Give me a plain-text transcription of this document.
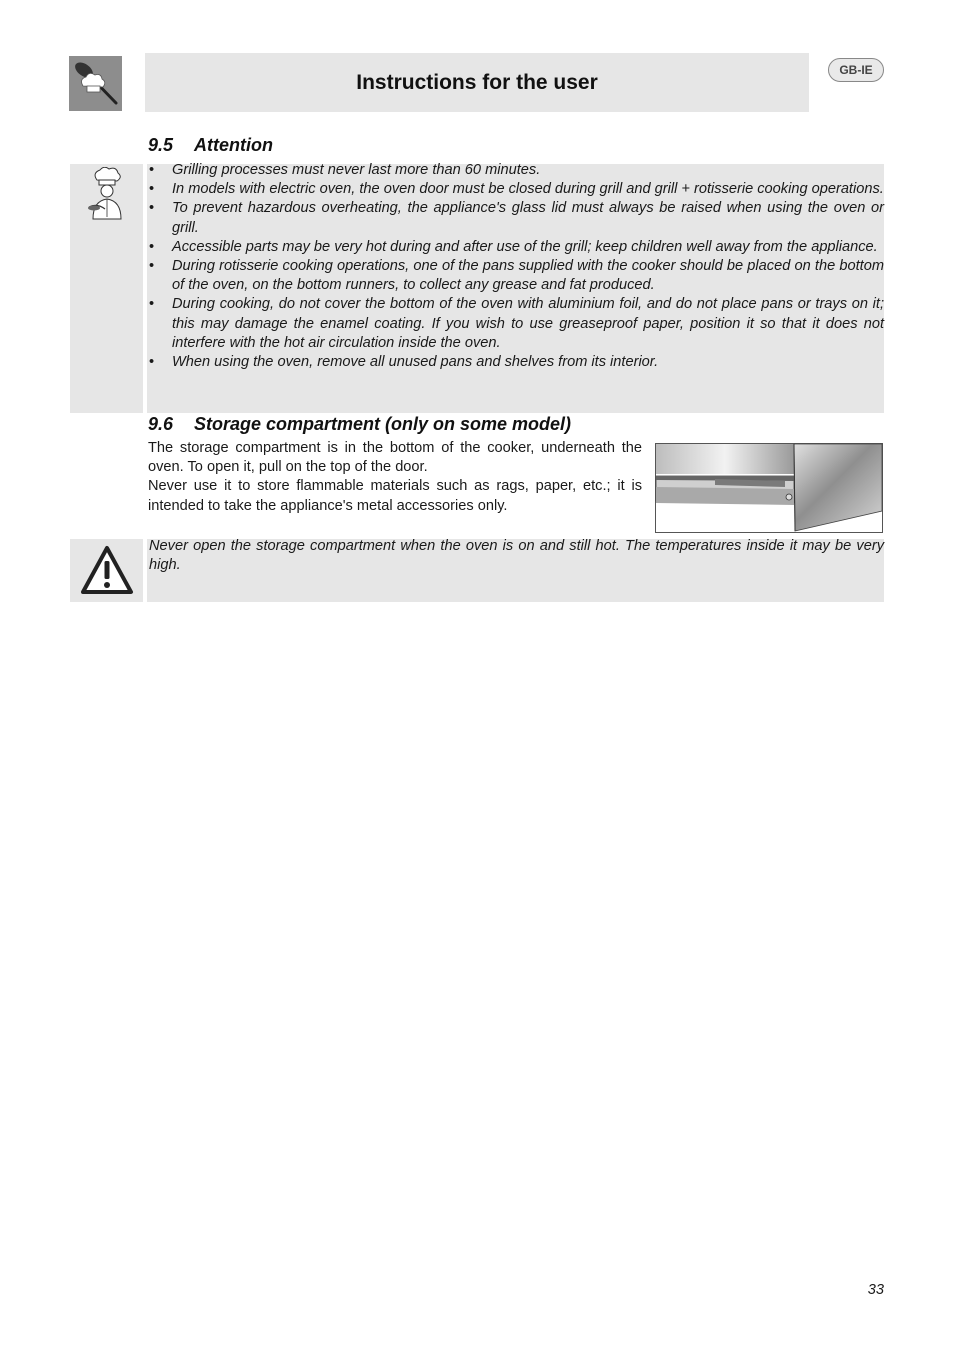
Instructions for the user
GB-IE
9.5 Attention
• Grilling processes must never last more than 60 minutes.
• In models with electric oven, the oven door must be closed during grill and grill + rotisserie cooking operations.
• To prevent hazardous overheating, the appliance's glass lid must always be raised when using the oven or grill.
• Accessible parts may be very hot during and after use of the grill; keep children well away from the appliance.
• During rotisserie cooking operations, one of the pans supplied with the cooker should be placed on the bottom of the oven, on the bottom runners, to collect any grease and fat produced.
• During cooking, do not cover the bottom of the oven with aluminium foil, and do not place pans or trays on it; this may damage the enamel coating. If you wish to use greaseproof paper, position it so that it does not interfere with the hot air circulation inside the oven.
• When using the oven, remove all unused pans and shelves from its interior.
9.6 Storage compartment (only on some model)

The storage compartment is in the bottom of the cooker, underneath the oven. To open it, pull on the top of the door.

Never use it to store flammable materials such as rags, paper, etc.; it is intended to take the appliance's metal accessories only.

Never open the storage compartment when the oven is on and still hot. The temperatures inside it may be very high.
33
